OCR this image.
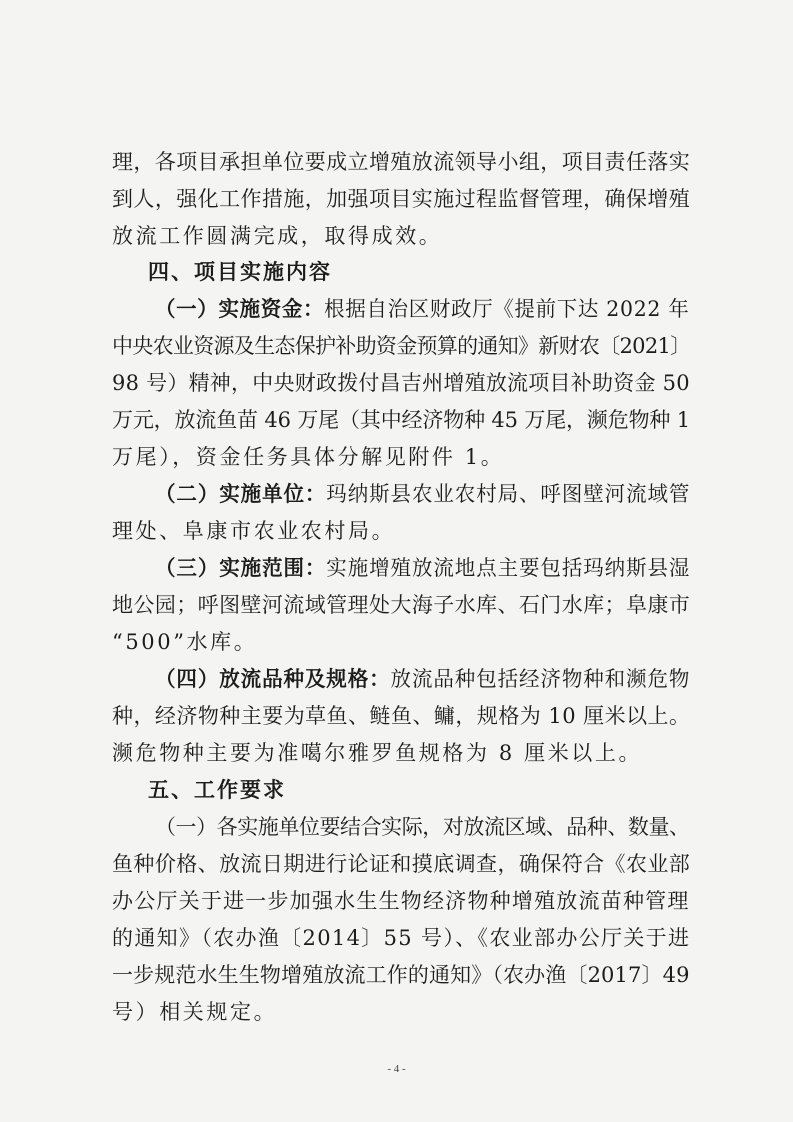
理，各项目承担单位要成立增殖放流领导小组，项目责任落实
到人，强化工作措施，加强项目实施过程监督管理，确保增殖
放流工作圆满完成，取得成效。
四、项目实施内容
（一）实施资金：根据自治区财政厅《提前下达 2022 年
中央农业资源及生态保护补助资金预算的通知》新财农〔2021〕
98 号）精神，中央财政拨付昌吉州增殖放流项目补助资金 50
万元，放流鱼苗 46 万尾（其中经济物种 45 万尾，濒危物种 1
万尾），资金任务具体分解见附件 1。
（二）实施单位：玛纳斯县农业农村局、呼图壁河流域管
理处、阜康市农业农村局。
（三）实施范围：实施增殖放流地点主要包括玛纳斯县湿
地公园；呼图壁河流域管理处大海子水库、石门水库；阜康市
“500”水库。
（四）放流品种及规格：放流品种包括经济物种和濒危物
种，经济物种主要为草鱼、鲢鱼、鳙，规格为 10 厘米以上。
濒危物种主要为准噶尔雅罗鱼规格为 8 厘米以上。
五、工作要求
（一）各实施单位要结合实际，对放流区域、品种、数量、
鱼种价格、放流日期进行论证和摸底调查，确保符合《农业部
办公厅关于进一步加强水生生物经济物种增殖放流苗种管理
的通知》（农办渔〔2014〕55 号）、《农业部办公厅关于进
一步规范水生生物增殖放流工作的通知》（农办渔〔2017〕49
号）相关规定。
- 4 -
